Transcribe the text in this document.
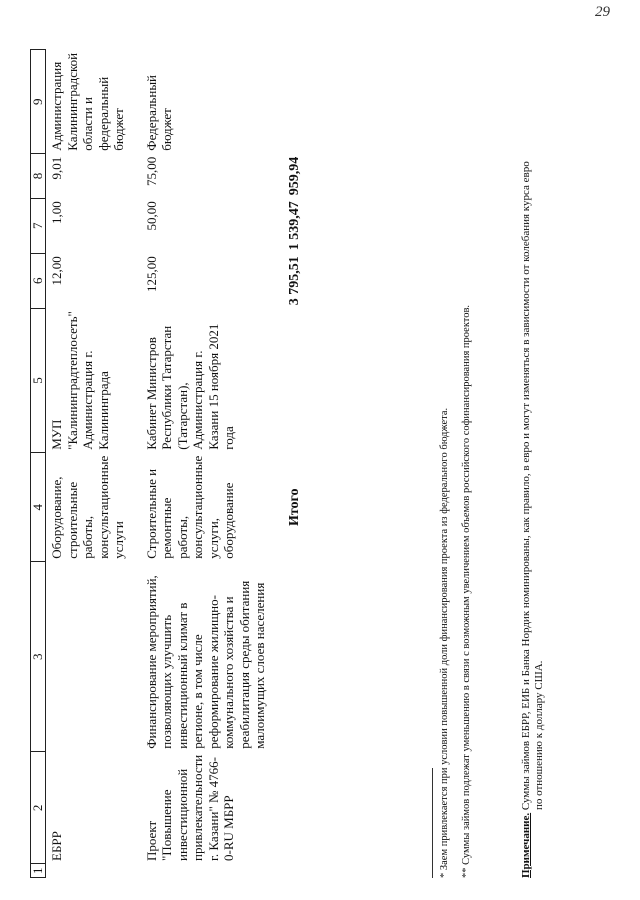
29
1	2	3	4	5	6	7	8	9
	ЕБРР		Оборудование, строительные работы, консультационные услуги	МУП "Калининградтеплосеть" Администрация г. Калининграда	12,00	1,00	9,01	Администрация Калининградской области и федеральный бюджет
	Проект "Повышение инвестиционной привлекательности г. Казани" № 4766-0-RU МБРР	Финансирование мероприятий, позволяющих улучшить инвестиционный климат в регионе, в том числе реформирование жилищно-коммунального хозяйства и реабилитация среды обитания малоимущих слоев населения	Строительные и ремонтные работы, консультационные услуги, оборудование	Кабинет Министров Республики Татарстан (Татарстан), Администрация г. Казани 15 ноября 2021 года	125,00	50,00	75,00	Федеральный бюджет
			Итого		3 795,51	1 539,47	959,94	
* Заем привлекается при условии повышенной доли финансирования проекта из федерального бюджета. ** Суммы займов подлежат уменьшению в связи с возможным увеличением объемов российского софинансирования проектов.	Примечание. Суммы займов ЕБРР, ЕИБ и Банка Нордик номинированы, как правило, в евро и могут изменяться в зависимости от колебания курса евро по отношению к доллару США.
